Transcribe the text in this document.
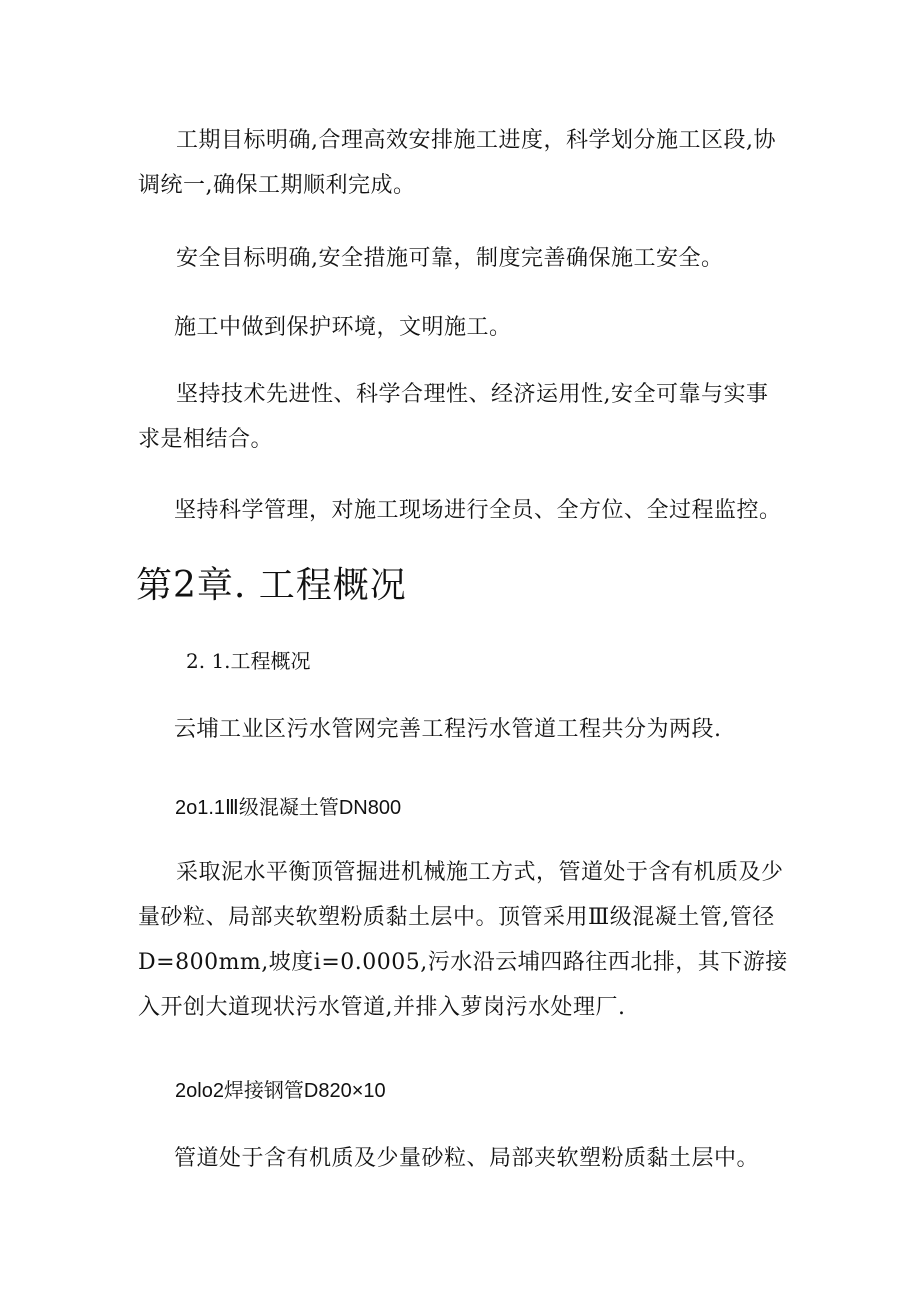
工期目标明确,合理高效安排施工进度，科学划分施工区段,协调统一,确保工期顺利完成。
安全目标明确,安全措施可靠，制度完善确保施工安全。
施工中做到保护环境，文明施工。
坚持技术先进性、科学合理性、经济运用性,安全可靠与实事求是相结合。
坚持科学管理，对施工现场进行全员、全方位、全过程监控。
第2章. 工程概况
2. 1.工程概况
云埔工业区污水管网完善工程污水管道工程共分为两段.
2o1.1Ⅲ级混凝土管DN800
采取泥水平衡顶管掘进机械施工方式，管道处于含有机质及少量砂粒、局部夹软塑粉质黏土层中。顶管采用Ⅲ级混凝土管,管径D=800mm,坡度i=0.0005,污水沿云埔四路往西北排，其下游接入开创大道现状污水管道,并排入萝岗污水处理厂.
2olo2焊接钢管D820×10
管道处于含有机质及少量砂粒、局部夹软塑粉质黏土层中。
